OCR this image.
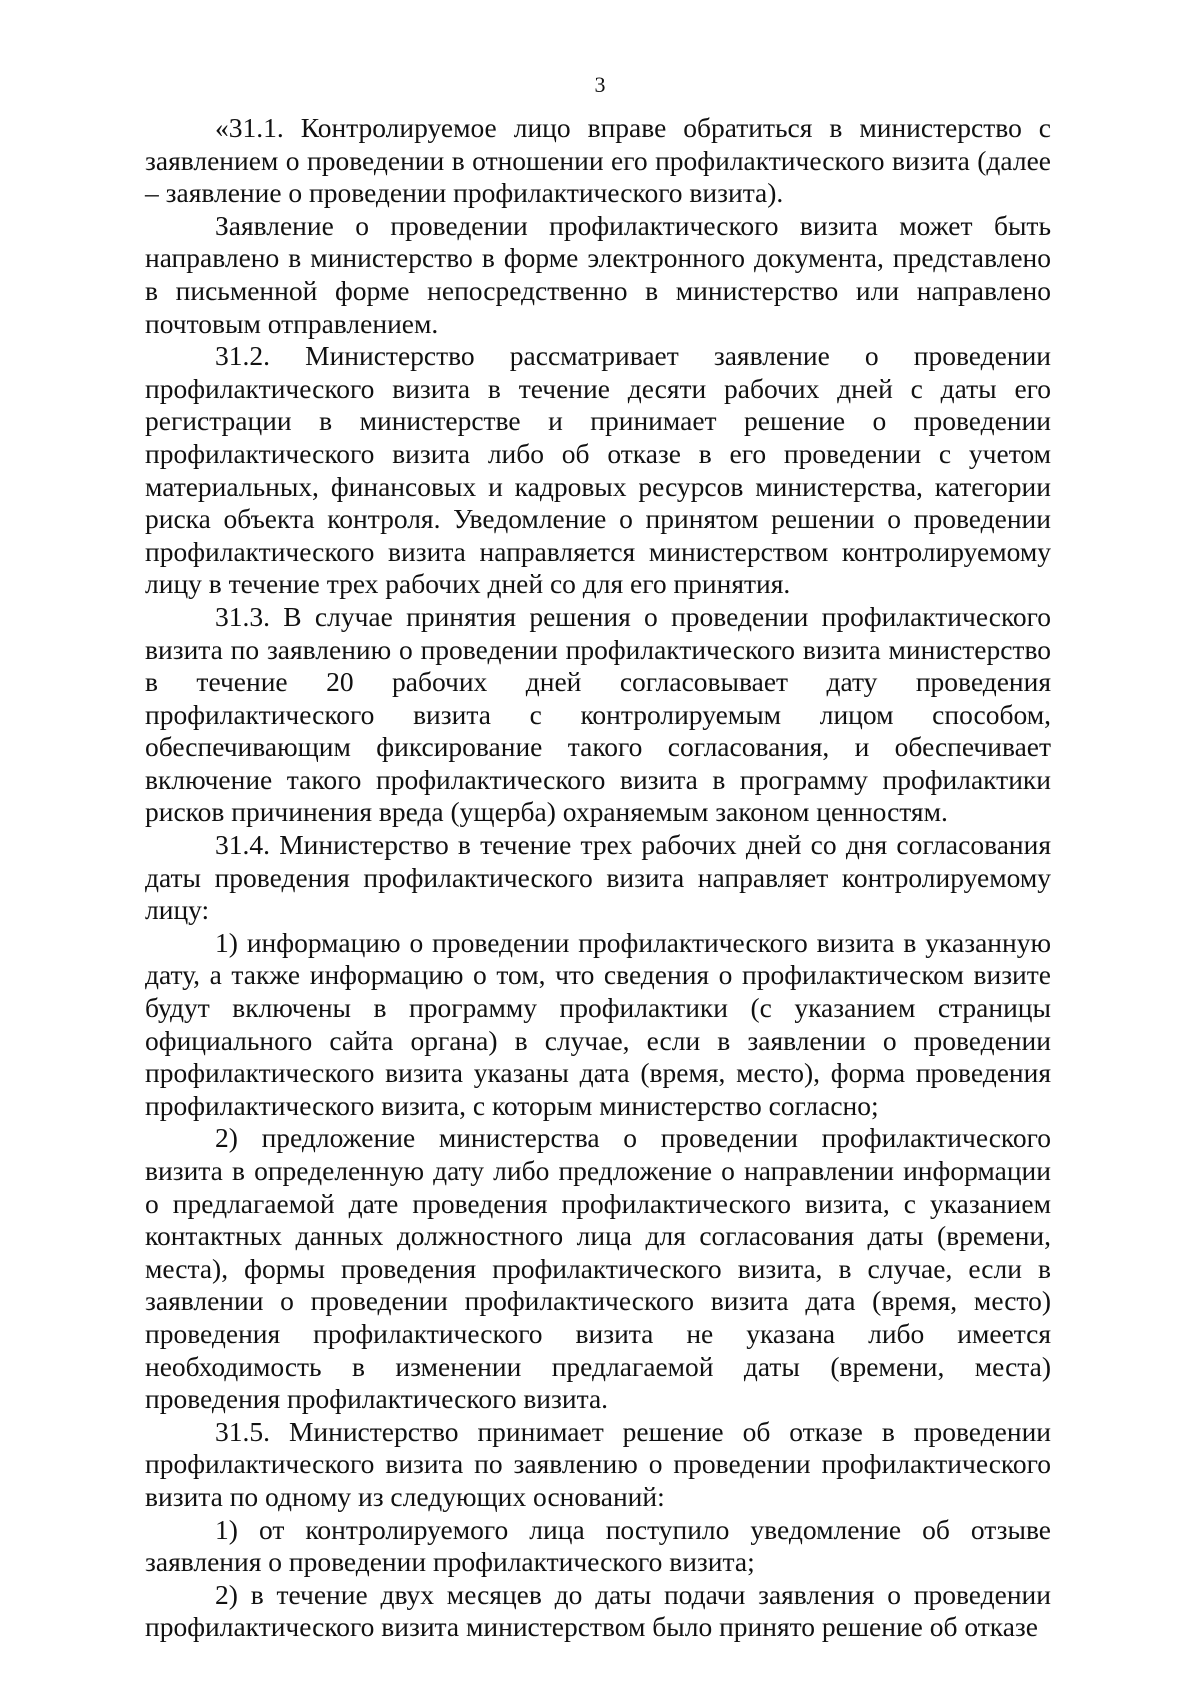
3

«31.1. Контролируемое лицо вправе обратиться в министерство с заявлением о проведении в отношении его профилактического визита (далее – заявление о проведении профилактического визита).

Заявление о проведении профилактического визита может быть направлено в министерство в форме электронного документа, представлено в письменной форме непосредственно в министерство или направлено почтовым отправлением.

31.2. Министерство рассматривает заявление о проведении профилактического визита в течение десяти рабочих дней с даты его регистрации в министерстве и принимает решение о проведении профилактического визита либо об отказе в его проведении с учетом материальных, финансовых и кадровых ресурсов министерства, категории риска объекта контроля. Уведомление о принятом решении о проведении профилактического визита направляется министерством контролируемому лицу в течение трех рабочих дней со для его принятия.

31.3. В случае принятия решения о проведении профилактического визита по заявлению о проведении профилактического визита министерство в течение 20 рабочих дней согласовывает дату проведения профилактического визита с контролируемым лицом способом, обеспечивающим фиксирование такого согласования, и обеспечивает включение такого профилактического визита в программу профилактики рисков причинения вреда (ущерба) охраняемым законом ценностям.

31.4. Министерство в течение трех рабочих дней со дня согласования даты проведения профилактического визита направляет контролируемому лицу:

1) информацию о проведении профилактического визита в указанную дату, а также информацию о том, что сведения о профилактическом визите будут включены в программу профилактики (с указанием страницы официального сайта органа) в случае, если в заявлении о проведении профилактического визита указаны дата (время, место), форма проведения профилактического визита, с которым министерство согласно;

2) предложение министерства о проведении профилактического визита в определенную дату либо предложение о направлении информации о предлагаемой дате проведения профилактического визита, с указанием контактных данных должностного лица для согласования даты (времени, места), формы проведения профилактического визита, в случае, если в заявлении о проведении профилактического визита дата (время, место) проведения профилактического визита не указана либо имеется необходимость в изменении предлагаемой даты (времени, места) проведения профилактического визита.

31.5. Министерство принимает решение об отказе в проведении профилактического визита по заявлению о проведении профилактического визита по одному из следующих оснований:

1) от контролируемого лица поступило уведомление об отзыве заявления о проведении профилактического визита;

2) в течение двух месяцев до даты подачи заявления о проведении профилактического визита министерством было принято решение об отказе
